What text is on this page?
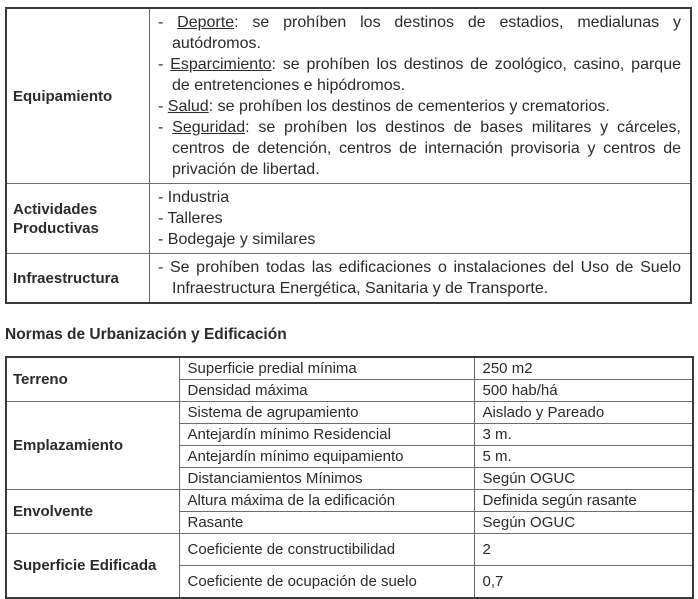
Equipamiento	- Deporte: se prohíben los destinos de estadios, medialunas y autódromos.
- Esparcimiento: se prohíben los destinos de zoológico, casino, parque de entretenciones e hipódromos.
- Salud: se prohíben los destinos de cementerios y crematorios.
- Seguridad: se prohíben los destinos de bases militares y cárceles, centros de detención, centros de internación provisoria y centros de privación de libertad.

Actividades Productivas	- Industria
- Talleres
- Bodegaje y similares

Infraestructura	- Se prohíben todas las edificaciones o instalaciones del Uso de Suelo Infraestructura Energética, Sanitaria y de Transporte.
Normas de Urbanización y Edificación
Terreno	Superficie predial mínima	250 m2
	Densidad máxima	500 hab/há
Emplazamiento	Sistema de agrupamiento	Aislado y Pareado
	Antejardín mínimo Residencial	3 m.
	Antejardín mínimo equipamiento	5 m.
	Distanciamientos Mínimos	Según OGUC
Envolvente	Altura máxima de la edificación	Definida según rasante
	Rasante	Según OGUC
Superficie Edificada	Coeficiente de constructibilidad	2
	Coeficiente de ocupación de suelo	0,7
